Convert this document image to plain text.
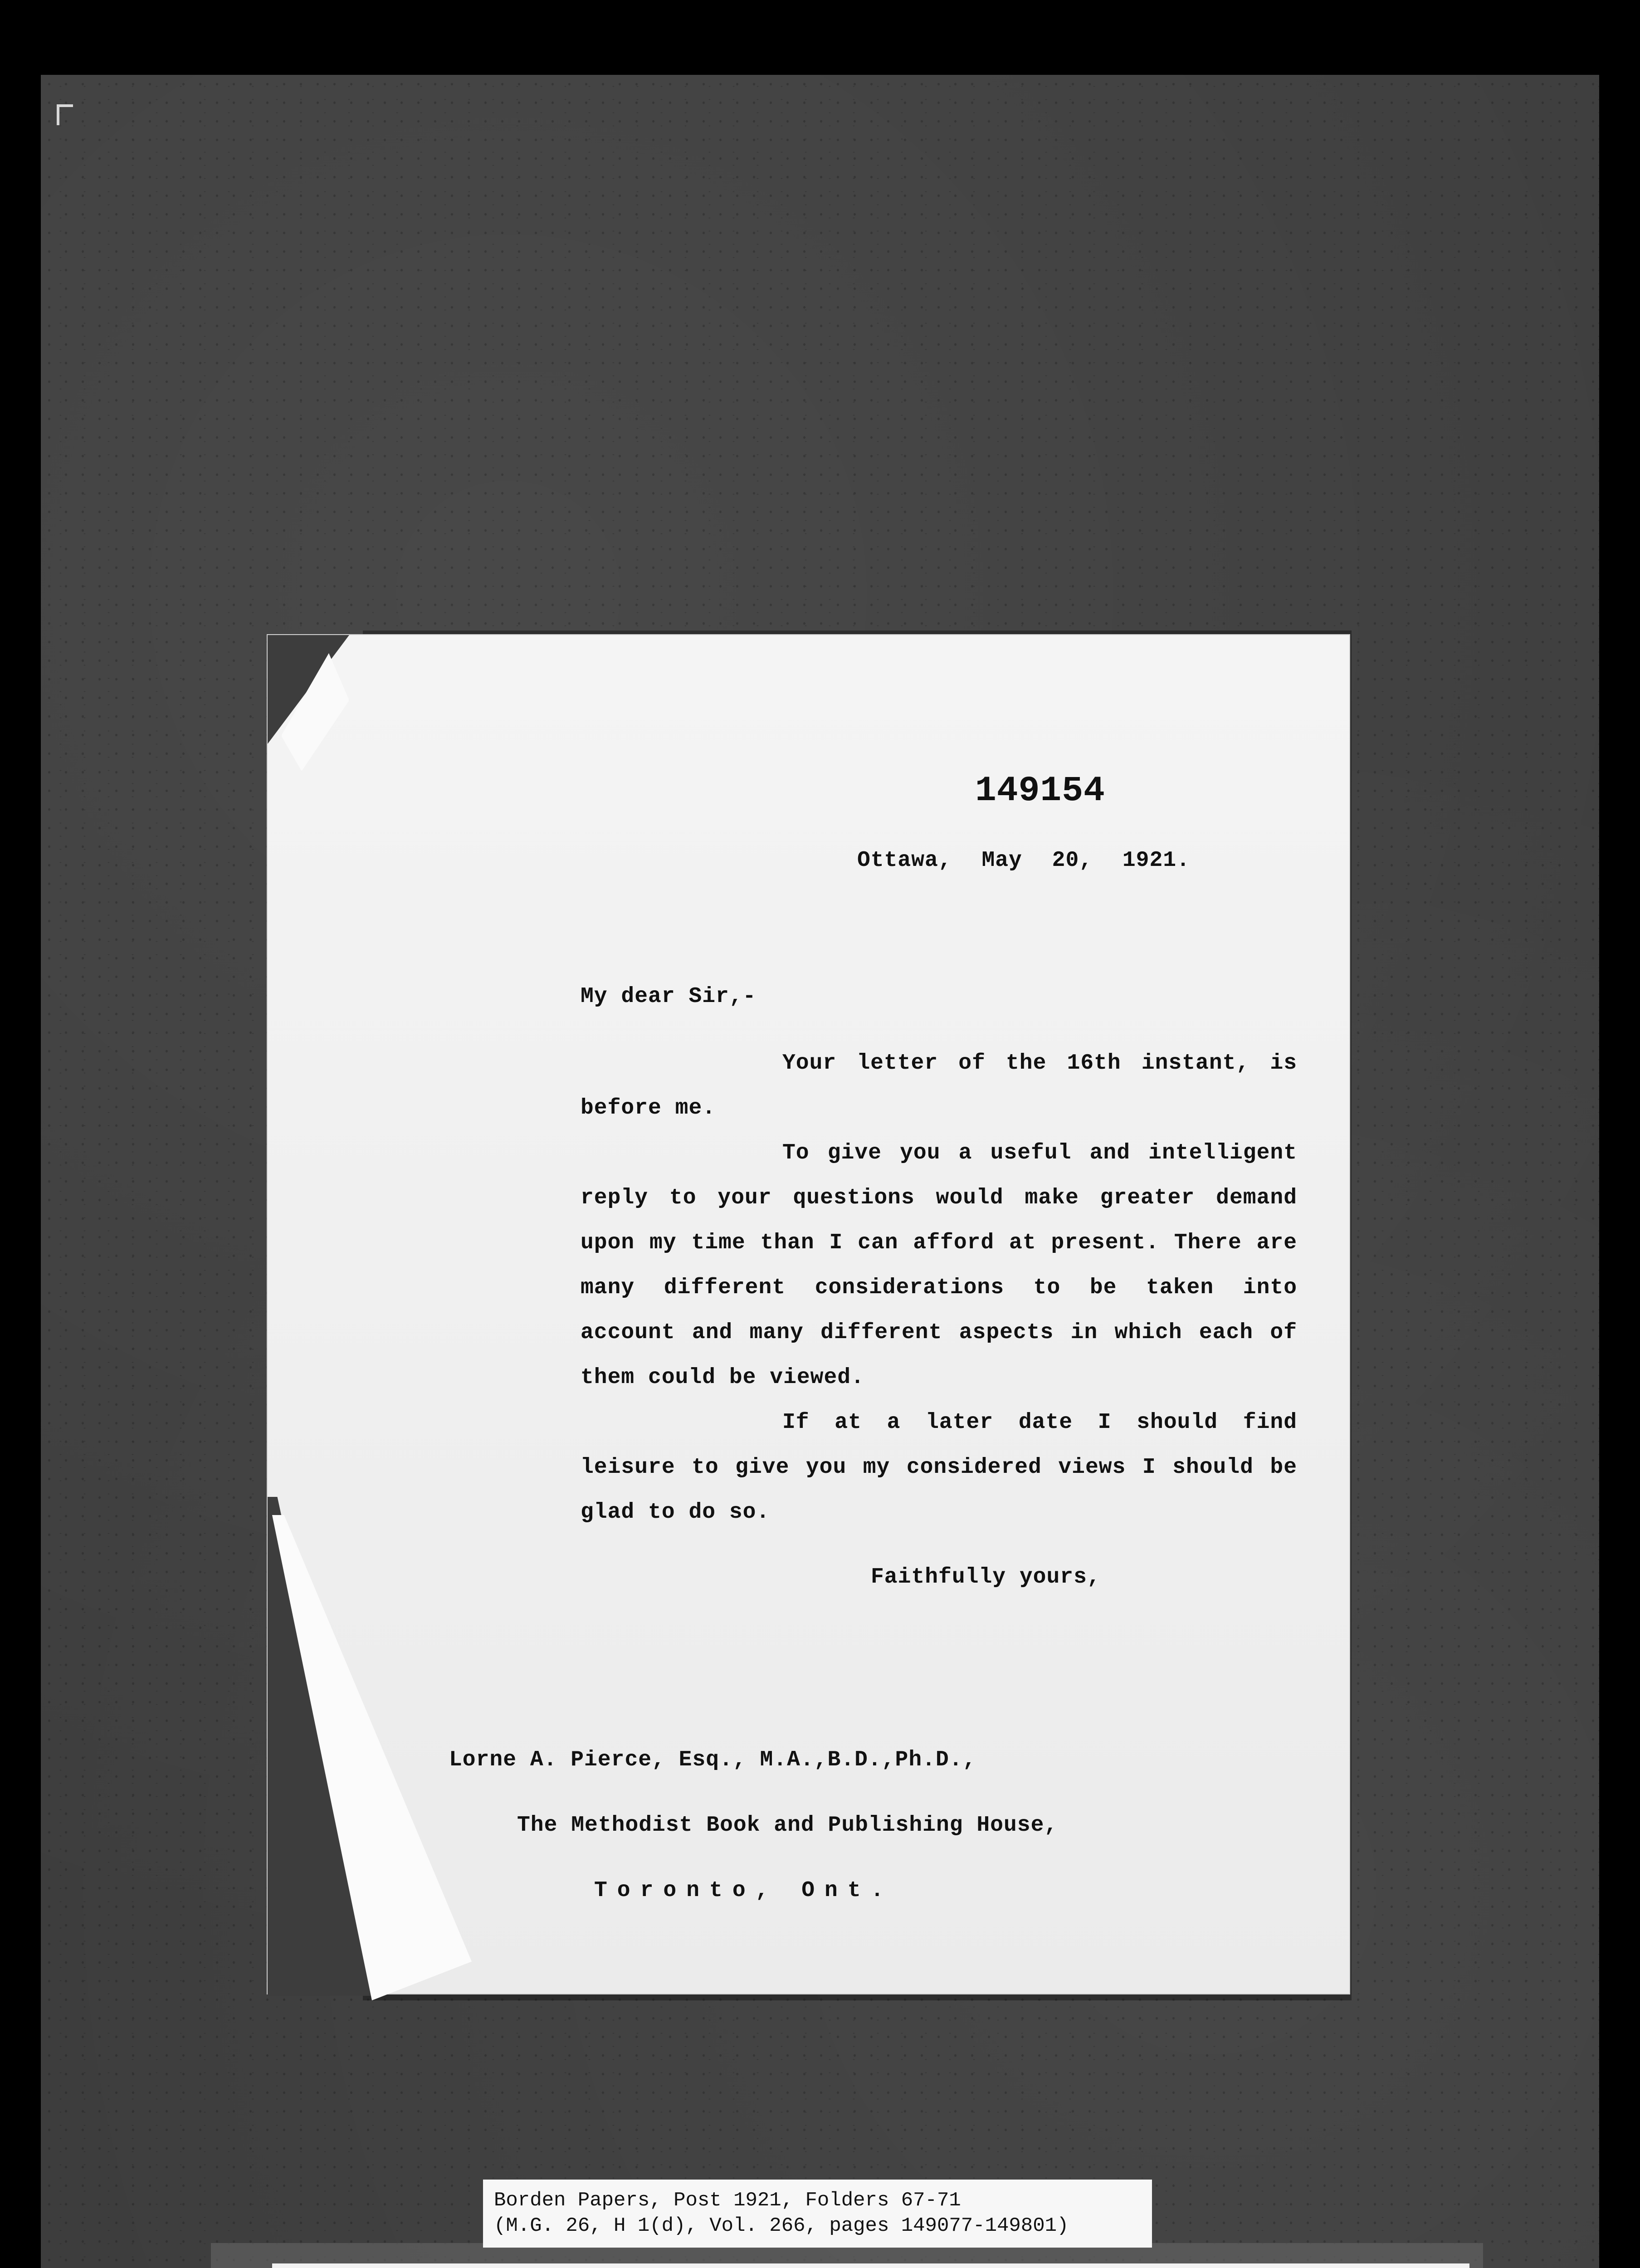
149154
Ottawa, May 20, 1921.
My dear Sir,-

Your letter of the 16th instant, is before me.

To give you a useful and intelligent reply to your questions would make greater demand upon my time than I can afford at present. There are many different considerations to be taken into account and many different aspects in which each of them could be viewed.

If at a later date I should find leisure to give you my considered views I should be glad to do so.

Faithfully yours,

Lorne A. Pierce, Esq., M.A.,B.D.,Ph.D.,

The Methodist Book and Publishing House,

Toronto, Ont.

Borden Papers, Post 1921, Folders 67-71
(M.G. 26, H 1(d), Vol. 266, pages 149077-149801)
